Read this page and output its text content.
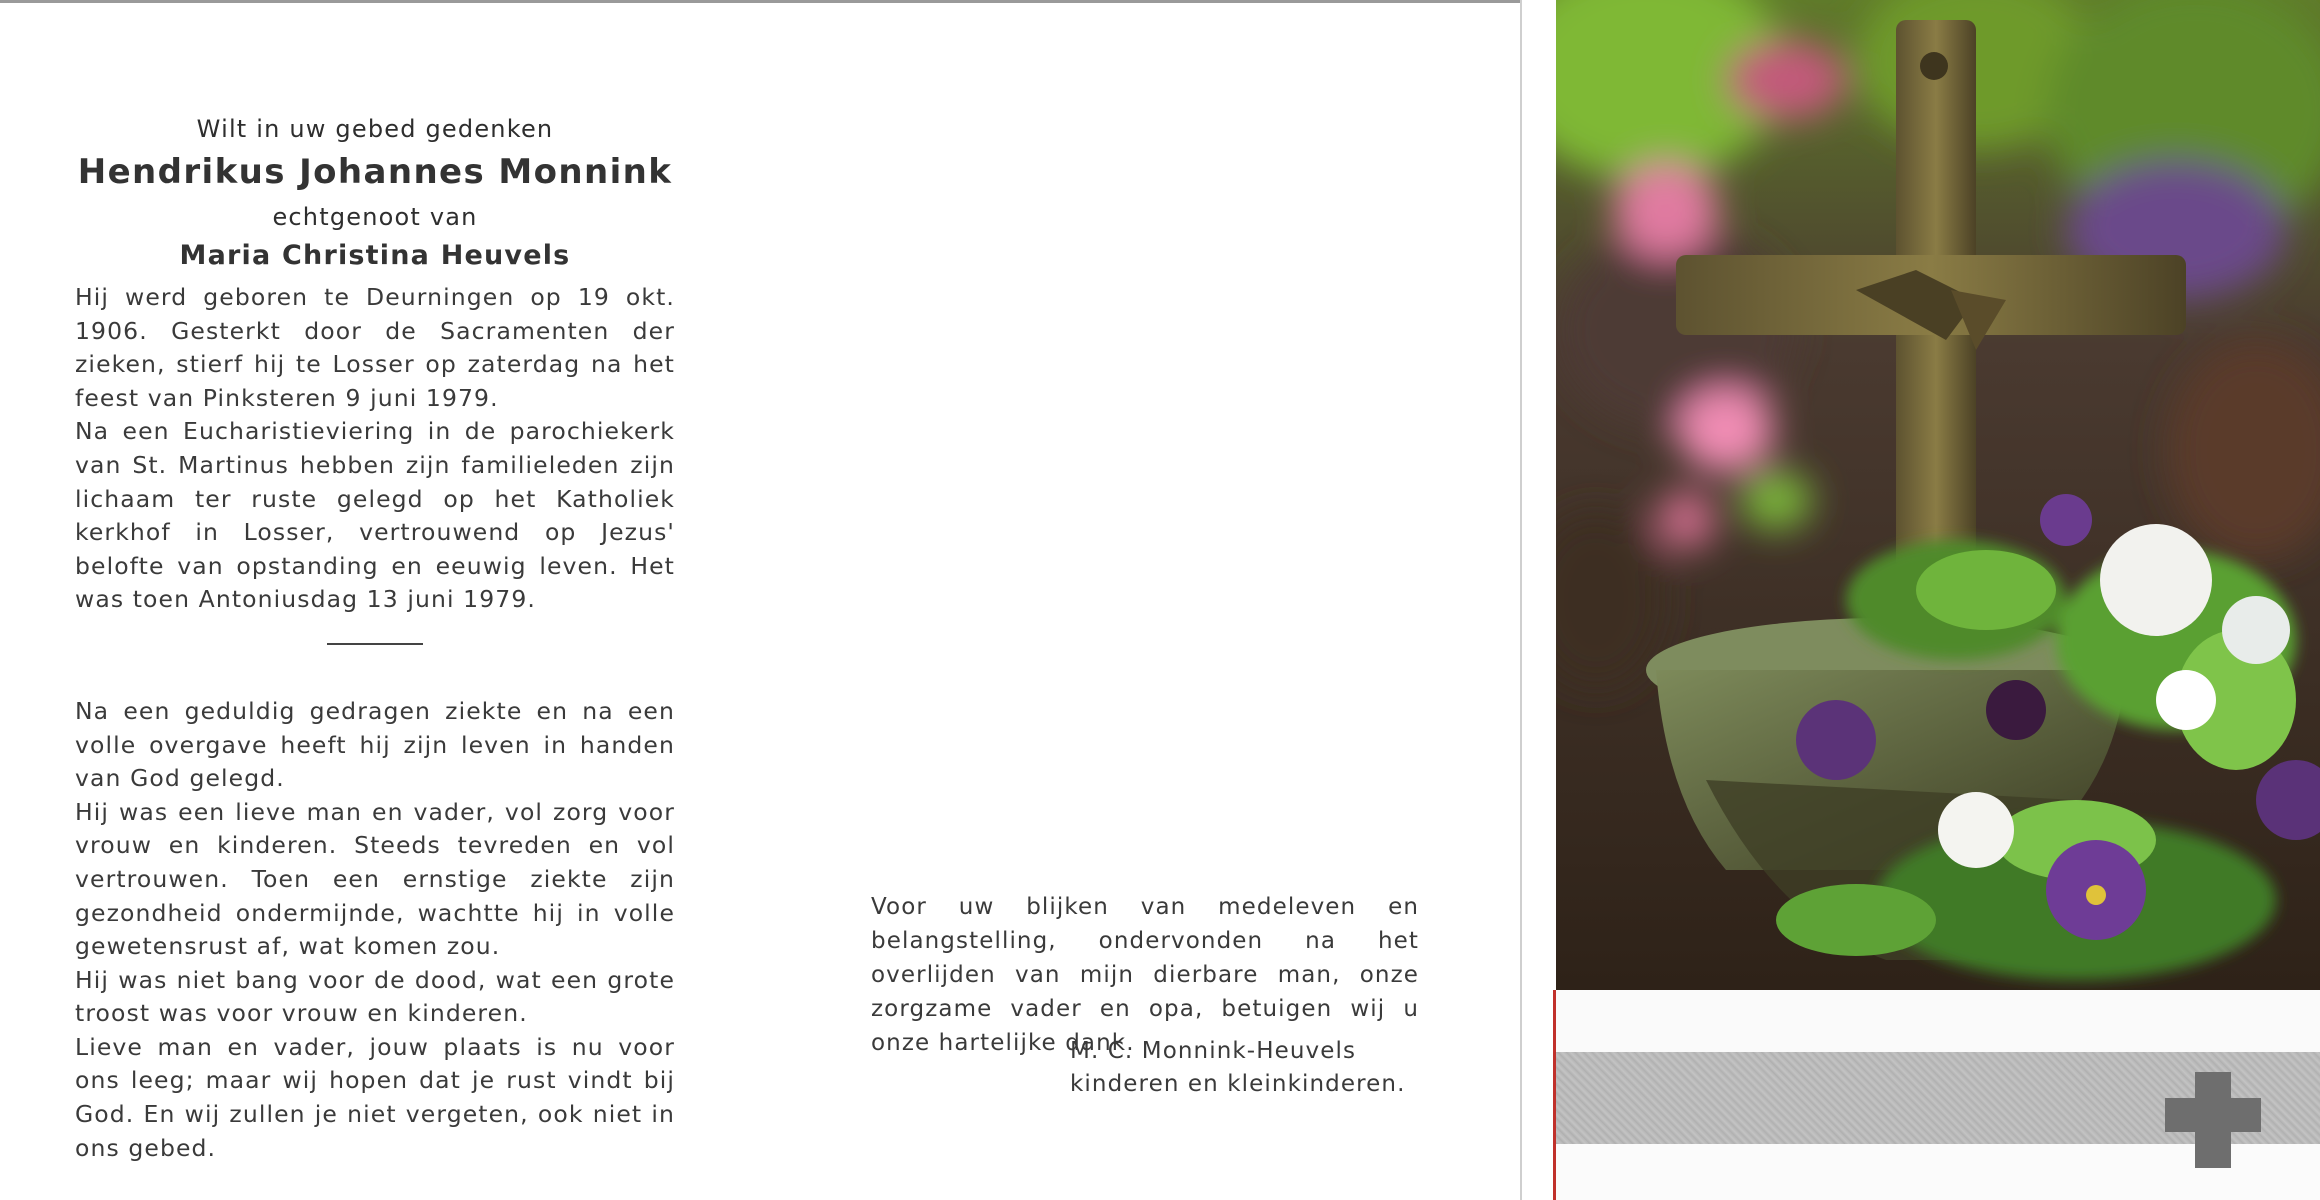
Wilt in uw gebed gedenken

Hendrikus Johannes Monnink

echtgenoot van

Maria Christina Heuvels

Hij werd geboren te Deurningen op 19 okt. 1906. Gesterkt door de Sacramenten der zieken, stierf hij te Losser op zaterdag na het feest van Pinksteren 9 juni 1979.

Na een Eucharistieviering in de parochiekerk van St. Martinus hebben zijn familieleden zijn lichaam ter ruste gelegd op het Katholiek kerkhof in Losser, vertrouwend op Jezus' belofte van opstanding en eeuwig leven. Het was toen Antoniusdag 13 juni 1979.

Na een geduldig gedragen ziekte en na een volle overgave heeft hij zijn leven in handen van God gelegd.

Hij was een lieve man en vader, vol zorg voor vrouw en kinderen. Steeds tevreden en vol vertrouwen. Toen een ernstige ziekte zijn gezondheid ondermijnde, wachtte hij in volle gewetensrust af, wat komen zou.

Hij was niet bang voor de dood, wat een grote troost was voor vrouw en kinderen.

Lieve man en vader, jouw plaats is nu voor ons leeg; maar wij hopen dat je rust vindt bij God. En wij zullen je niet vergeten, ook niet in ons gebed.

Voor uw blijken van medeleven en belangstelling, ondervonden na het overlijden van mijn dierbare man, onze zorgzame vader en opa, betuigen wij u onze hartelijke dank.
M. C. Monnink-Heuvels
kinderen en kleinkinderen.
